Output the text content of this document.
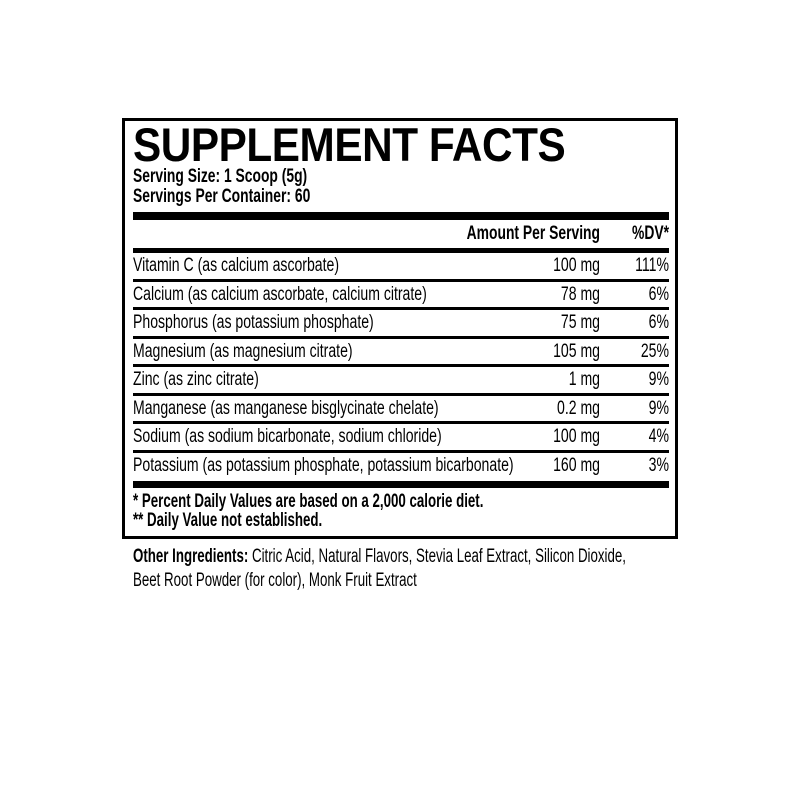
SUPPLEMENT FACTS
Serving Size: 1 Scoop (5g)
Servings Per Container: 60
Amount Per Serving	%DV*
Vitamin C (as calcium ascorbate)	100 mg	111%
Calcium (as calcium ascorbate, calcium citrate)	78 mg	6%
Phosphorus (as potassium phosphate)	75 mg	6%
Magnesium (as magnesium citrate)	105 mg	25%
Zinc (as zinc citrate)	1 mg	9%
Manganese (as manganese bisglycinate chelate)	0.2 mg	9%
Sodium (as sodium bicarbonate, sodium chloride)	100 mg	4%
Potassium (as potassium phosphate, potassium bicarbonate)	160 mg	3%
* Percent Daily Values are based on a 2,000 calorie diet.
** Daily Value not established.
Other Ingredients: Citric Acid, Natural Flavors, Stevia Leaf Extract, Silicon Dioxide, Beet Root Powder (for color), Monk Fruit Extract
